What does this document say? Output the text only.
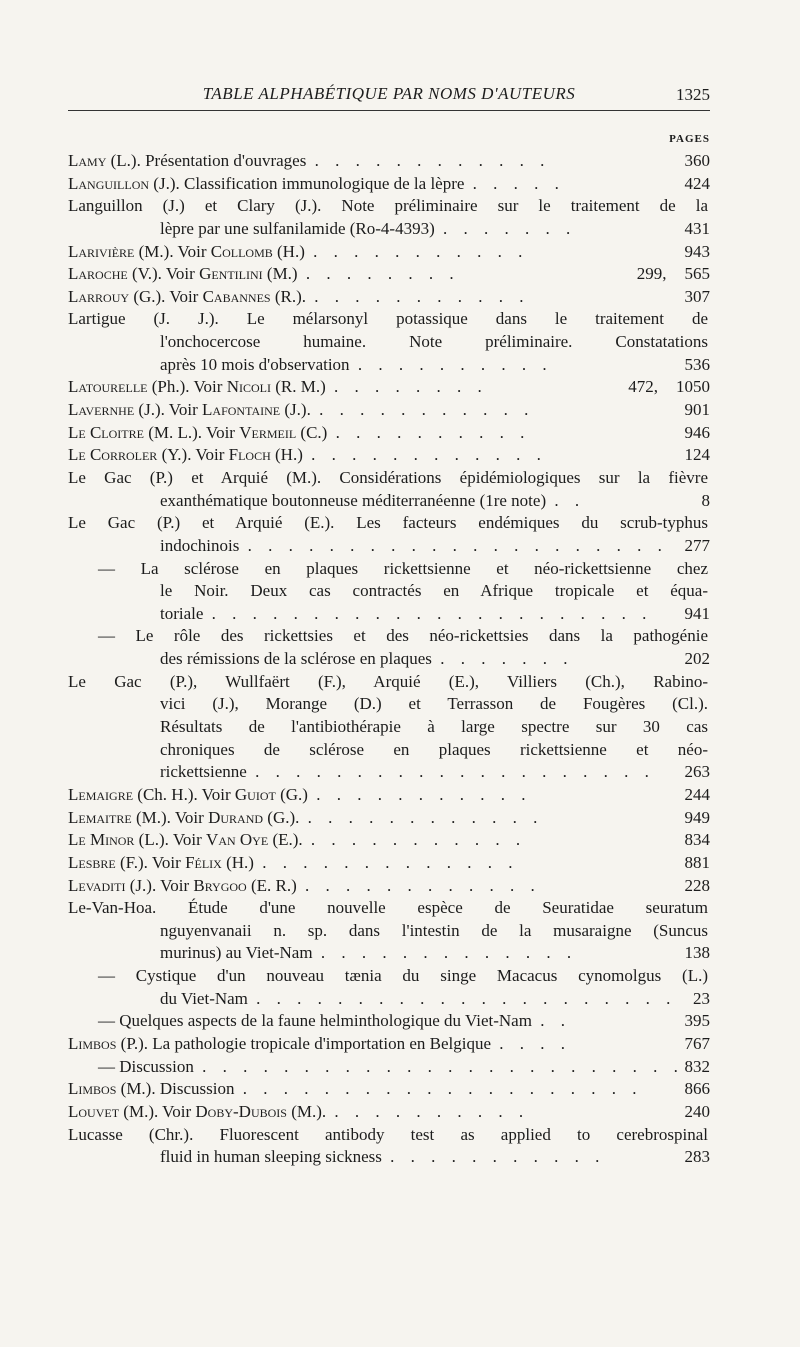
TABLE ALPHABÉTIQUE PAR NOMS D'AUTEURS	1325
PAGES
Lamy (L.). Présentation d'ouvrages . . . . . . . . . . . .	360
Languillon (J.). Classification immunologique de la lèpre . . . . .	424
Languillon (J.) et Clary (J.). Note préliminaire sur le traitement de la
lèpre par une sulfanilamide (Ro-4-4393) . . . . . . .	431
Larivière (M.). Voir Collomb (H.) . . . . . . . . . . .	943
Laroche (V.). Voir Gentilini (M.) . . . . . . . .	299, 565
Larrouy (G.). Voir Cabannes (R.). . . . . . . . . . . .	307
Lartigue (J. J.). Le mélarsonyl potassique dans le traitement de
l'onchocercose humaine. Note préliminaire. Constatations
après 10 mois d'observation . . . . . . . . . .	536
Latourelle (Ph.). Voir Nicoli (R. M.) . . . . . . . .	472, 1050
Lavernhe (J.). Voir Lafontaine (J.). . . . . . . . . . . .	901
Le Cloitre (M. L.). Voir Vermeil (C.) . . . . . . . . . .	946
Le Corroler (Y.). Voir Floch (H.) . . . . . . . . . . . .	124
Le Gac (P.) et Arquié (M.). Considérations épidémiologiques sur la fièvre
exanthématique boutonneuse méditerranéenne (1re note) . .	8
Le Gac (P.) et Arquié (E.). Les facteurs endémiques du scrub-typhus
indochinois . . . . . . . . . . . . . . . . . . . . . 277
— La sclérose en plaques rickettsienne et néo-rickettsienne chez
le Noir. Deux cas contractés en Afrique tropicale et équa-
toriale . . . . . . . . . . . . . . . . . . . . . . 941
— Le rôle des rickettsies et des néo-rickettsies dans la pathogénie
des rémissions de la sclérose en plaques . . . . . . .	202
Le Gac (P.), Wullfaërt (F.), Arquié (E.), Villiers (Ch.), Rabino-
vici (J.), Morange (D.) et Terrasson de Fougères (Cl.).
Résultats de l'antibiothérapie à large spectre sur 30 cas
chroniques de sclérose en plaques rickettsienne et néo-
rickettsienne . . . . . . . . . . . . . . . . . . . . 263
Lemaigre (Ch. H.). Voir Guiot (G.) . . . . . . . . . . .	244
Lemaitre (M.). Voir Durand (G.). . . . . . . . . . . . .	949
Le Minor (L.). Voir Van Oye (E.). . . . . . . . . . . .	834
Lesbre (F.). Voir Félix (H.) . . . . . . . . . . . . .	881
Levaditi (J.). Voir Brygoo (E. R.) . . . . . . . . . . . .	228
Le-Van-Hoa. Étude d'une nouvelle espèce de Seuratidae seuratum
nguyenvanaii n. sp. dans l'intestin de la musaraigne (Suncus
murinus) au Viet-Nam . . . . . . . . . . . . .	138
— Cystique d'un nouveau tænia du singe Macacus cynomolgus (L.)
du Viet-Nam . . . . . . . . . . . . . . . . . . . . . 23
— Quelques aspects de la faune helminthologique du Viet-Nam . .	395
Limbos (P.). La pathologie tropicale d'importation en Belgique . . . .	767
— Discussion . . . . . . . . . . . . . . . . . . . . . . . . 832
Limbos (M.). Discussion . . . . . . . . . . . . . . . . . . . . 866
Louvet (M.). Voir Doby-Dubois (M.). . . . . . . . . . .	240
Lucasse (Chr.). Fluorescent antibody test as applied to cerebrospinal
fluid in human sleeping sickness . . . . . . . . . . .	283
